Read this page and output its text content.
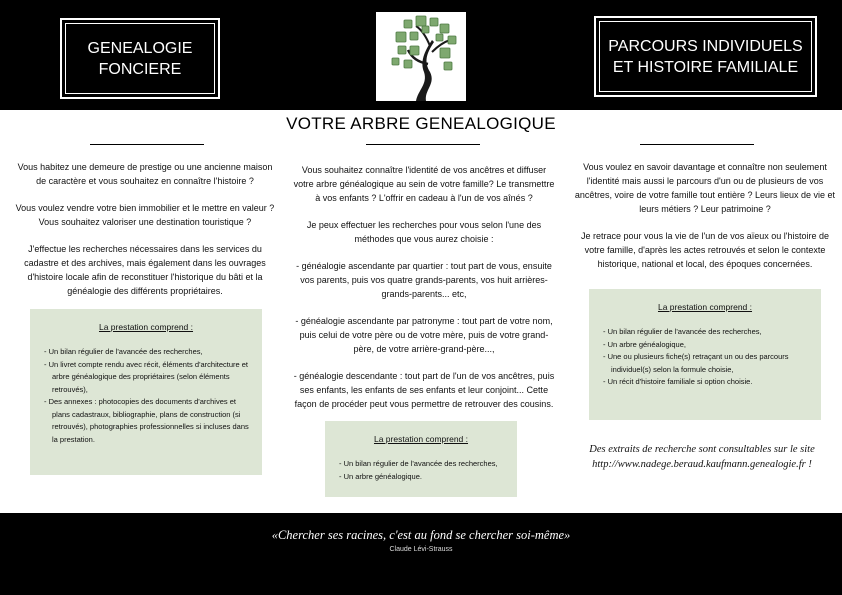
GENEALOGIE
FONCIERE
PARCOURS INDIVIDUELS
ET HISTOIRE FAMILIALE
VOTRE ARBRE GENEALOGIQUE

Vous habitez une demeure de prestige ou une ancienne maison de caractère et vous souhaitez en connaître l'histoire ?

Vous voulez vendre votre bien immobilier et le mettre en valeur ? Vous souhaitez valoriser une destination touristique ?

J'effectue les recherches nécessaires dans les services du cadastre et des archives, mais également dans les ouvrages d'histoire locale afin de reconstituer l'historique du bâti et la généalogie des différents propriétaires.

La prestation comprend :
- Un bilan régulier de l'avancée des recherches,
- Un livret compte rendu avec récit, éléments d'architecture et arbre généalogique des propriétaires (selon éléments retrouvés),
- Des annexes : photocopies des documents d'archives et plans cadastraux, bibliographie, plans de construction (si retrouvés), photographies professionnelles si incluses dans la prestation.

Vous souhaitez connaître l'identité de vos ancêtres et diffuser votre arbre généalogique au sein de votre famille? Le transmettre à vos enfants ? L'offrir en cadeau à l'un de vos aînés ?

Je peux effectuer les recherches pour vous selon l'une des méthodes que vous aurez choisie :

- généalogie ascendante par quartier : tout part de vous, ensuite vos parents, puis vos quatre grands-parents, vos huit arrières-grands-parents... etc,

- généalogie ascendante par patronyme : tout part de votre nom, puis celui de votre père ou de votre mère, puis de votre grand-père, de votre arrière-grand-père...,

- généalogie descendante : tout part de l'un de vos ancêtres, puis ses enfants, les enfants de ses enfants et leur conjoint... Cette façon de procéder peut vous permettre de retrouver des cousins.

La prestation comprend :
- Un bilan régulier de l'avancée des recherches,
- Un arbre généalogique.

Vous voulez en savoir davantage et connaître non seulement l'identité mais aussi le parcours d'un ou de plusieurs de vos ancêtres, voire de votre famille tout entière ? Leurs lieux de vie et leurs métiers ? Leur patrimoine ?

Je retrace pour vous la vie de l'un de vos aïeux ou l'histoire de votre famille, d'après les actes retrouvés et selon le contexte historique, national et local, des époques concernées.

La prestation comprend :
- Un bilan régulier de l'avancée des recherches,
- Un arbre généalogique,
- Une ou plusieurs fiche(s) retraçant un ou des parcours individuel(s) selon la formule choisie,
- Un récit d'histoire familiale si option choisie.
Des extraits de recherche sont consultables sur le site
http://www.nadege.beraud.kaufmann.genealogie.fr !
«Chercher ses racines, c'est au fond se chercher soi-même»
Claude Lévi-Strauss
